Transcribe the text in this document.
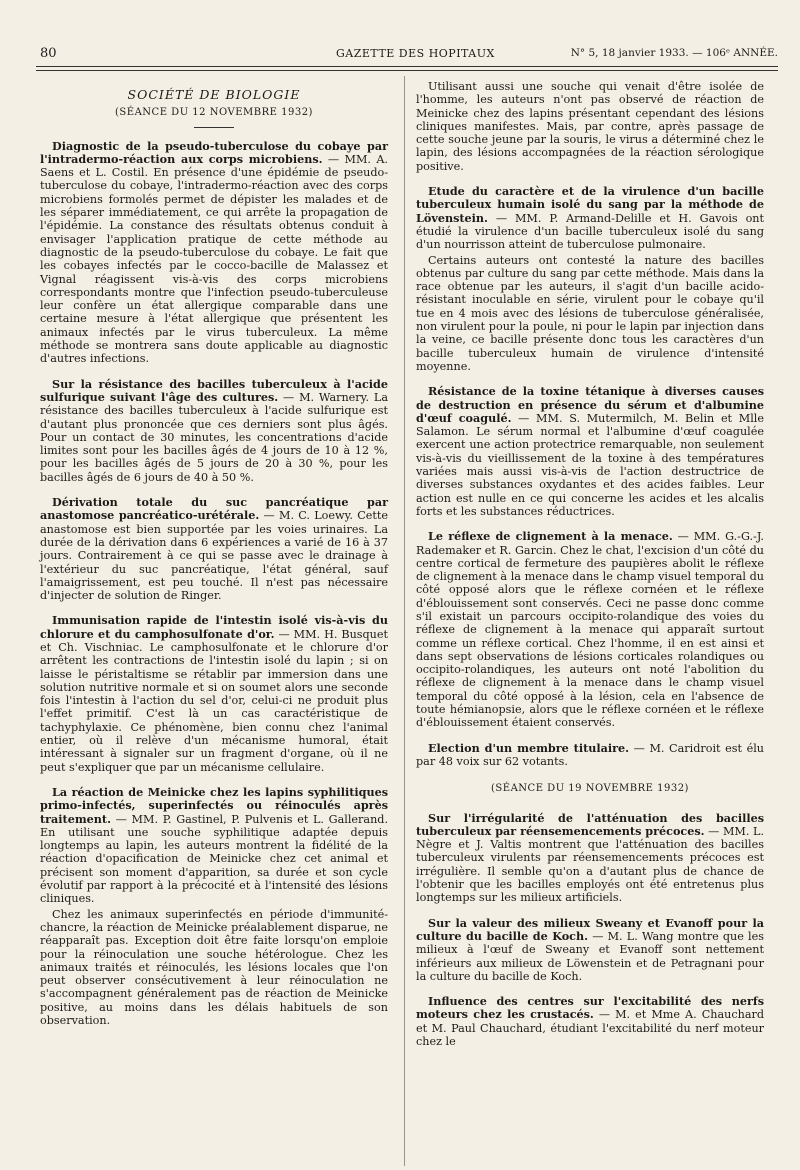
80	GAZETTE DES HOPITAUX	N° 5, 18 janvier 1933. — 106ᵉ ANNÉE.
SOCIÉTÉ DE BIOLOGIE
(SÉANCE DU 12 NOVEMBRE 1932)

Diagnostic de la pseudo-tuberculose du cobaye par l'intradermo-réaction aux corps microbiens. — MM. A. Saens et L. Costil. En présence d'une épidémie de pseudo-tuberculose du cobaye, l'intradermo-réaction avec des corps microbiens formolés permet de dépister les malades et de les séparer immédiatement, ce qui arrête la propagation de l'épidémie. La constance des résultats obtenus conduit à envisager l'application pratique de cette méthode au diagnostic de la pseudo-tuberculose du cobaye. Le fait que les cobayes infectés par le cocco-bacille de Malassez et Vignal réagissent vis-à-vis des corps microbiens correspondants montre que l'infection pseudo-tuberculeuse leur confère un état allergique comparable dans une certaine mesure à l'état allergique que présentent les animaux infectés par le virus tuberculeux. La même méthode se montrera sans doute applicable au diagnostic d'autres infections.

Sur la résistance des bacilles tuberculeux à l'acide sulfurique suivant l'âge des cultures. — M. Warnery. La résistance des bacilles tuberculeux à l'acide sulfurique est d'autant plus prononcée que ces derniers sont plus âgés. Pour un contact de 30 minutes, les concentrations d'acide limites sont pour les bacilles âgés de 4 jours de 10 à 12 %, pour les bacilles âgés de 5 jours de 20 à 30 %, pour les bacilles âgés de 6 jours de 40 à 50 %.

Dérivation totale du suc pancréatique par anastomose pancréatico-urétérale. — M. C. Loewy. Cette anastomose est bien supportée par les voies urinaires. La durée de la dérivation dans 6 expériences a varié de 16 à 37 jours. Contrairement à ce qui se passe avec le drainage à l'extérieur du suc pancréatique, l'état général, sauf l'amaigrissement, est peu touché. Il n'est pas nécessaire d'injecter de solution de Ringer.

Immunisation rapide de l'intestin isolé vis-à-vis du chlorure et du camphosulfonate d'or. — MM. H. Busquet et Ch. Vischniac. Le camphosulfonate et le chlorure d'or arrêtent les contractions de l'intestin isolé du lapin ; si on laisse le péristaltisme se rétablir par immersion dans une solution nutritive normale et si on soumet alors une seconde fois l'intestin à l'action du sel d'or, celui-ci ne produit plus l'effet primitif. C'est là un cas caractéristique de tachyphylaxie. Ce phénomène, bien connu chez l'animal entier, où il relève d'un mécanisme humoral, était intéressant à signaler sur un fragment d'organe, où il ne peut s'expliquer que par un mécanisme cellulaire.

La réaction de Meinicke chez les lapins syphilitiques primo-infectés, superinfectés ou réinoculés après traitement. — MM. P. Gastinel, P. Pulvenis et L. Gallerand. En utilisant une souche syphilitique adaptée depuis longtemps au lapin, les auteurs montrent la fidélité de la réaction d'opacification de Meinicke chez cet animal et précisent son moment d'apparition, sa durée et son cycle évolutif par rapport à la précocité et à l'intensité des lésions cliniques.

Chez les animaux superinfectés en période d'immunité-chancre, la réaction de Meinicke préalablement disparue, ne réapparaît pas. Exception doit être faite lorsqu'on emploie pour la réinoculation une souche hétérologue. Chez les animaux traités et réinoculés, les lésions locales que l'on peut observer consécutivement à leur réinoculation ne s'accompagnent généralement pas de réaction de Meinicke positive, au moins dans les délais habituels de son observation.

Utilisant aussi une souche qui venait d'être isolée de l'homme, les auteurs n'ont pas observé de réaction de Meinicke chez des lapins présentant cependant des lésions cliniques manifestes. Mais, par contre, après passage de cette souche jeune par la souris, le virus a déterminé chez le lapin, des lésions accompagnées de la réaction sérologique positive.

Etude du caractère et de la virulence d'un bacille tuberculeux humain isolé du sang par la méthode de Lövenstein. — MM. P. Armand-Delille et H. Gavois ont étudié la virulence d'un bacille tuberculeux isolé du sang d'un nourrisson atteint de tuberculose pulmonaire.

Certains auteurs ont contesté la nature des bacilles obtenus par culture du sang par cette méthode. Mais dans la race obtenue par les auteurs, il s'agit d'un bacille acido-résistant inoculable en série, virulent pour le cobaye qu'il tue en 4 mois avec des lésions de tuberculose généralisée, non virulent pour la poule, ni pour le lapin par injection dans la veine, ce bacille présente donc tous les caractères d'un bacille tuberculeux humain de virulence d'intensité moyenne.

Résistance de la toxine tétanique à diverses causes de destruction en présence du sérum et d'albumine d'œuf coagulé. — MM. S. Mutermilch, M. Belin et Mlle Salamon. Le sérum normal et l'albumine d'œuf coagulée exercent une action protectrice remarquable, non seulement vis-à-vis du vieillissement de la toxine à des températures variées mais aussi vis-à-vis de l'action destructrice de diverses substances oxydantes et des acides faibles. Leur action est nulle en ce qui concerne les acides et les alcalis forts et les substances réductrices.

Le réflexe de clignement à la menace. — MM. G.-G.-J. Rademaker et R. Garcin. Chez le chat, l'excision d'un côté du centre cortical de fermeture des paupières abolit le réflexe de clignement à la menace dans le champ visuel temporal du côté opposé alors que le réflexe cornéen et le réflexe d'éblouissement sont conservés. Ceci ne passe donc comme s'il existait un parcours occipito-rolandique des voies du réflexe de clignement à la menace qui apparaît surtout comme un réflexe cortical. Chez l'homme, il en est ainsi et dans sept observations de lésions corticales rolandiques ou occipito-rolandiques, les auteurs ont noté l'abolition du réflexe de clignement à la menace dans le champ visuel temporal du côté opposé à la lésion, cela en l'absence de toute hémianopsie, alors que le réflexe cornéen et le réflexe d'éblouissement étaient conservés.

Election d'un membre titulaire. — M. Caridroit est élu par 48 voix sur 62 votants.

(SÉANCE DU 19 NOVEMBRE 1932)

Sur l'irrégularité de l'atténuation des bacilles tuberculeux par réensemencements précoces. — MM. L. Nègre et J. Valtis montrent que l'atténuation des bacilles tuberculeux virulents par réensemencements précoces est irrégulière. Il semble qu'on a d'autant plus de chance de l'obtenir que les bacilles employés ont été entretenus plus longtemps sur les milieux artificiels.

Sur la valeur des milieux Sweany et Evanoff pour la culture du bacille de Koch. — M. L. Wang montre que les milieux à l'œuf de Sweany et Evanoff sont nettement inférieurs aux milieux de Löwenstein et de Petragnani pour la culture du bacille de Koch.

Influence des centres sur l'excitabilité des nerfs moteurs chez les crustacés. — M. et Mme A. Chauchard et M. Paul Chauchard, étudiant l'excitabilité du nerf moteur chez le
